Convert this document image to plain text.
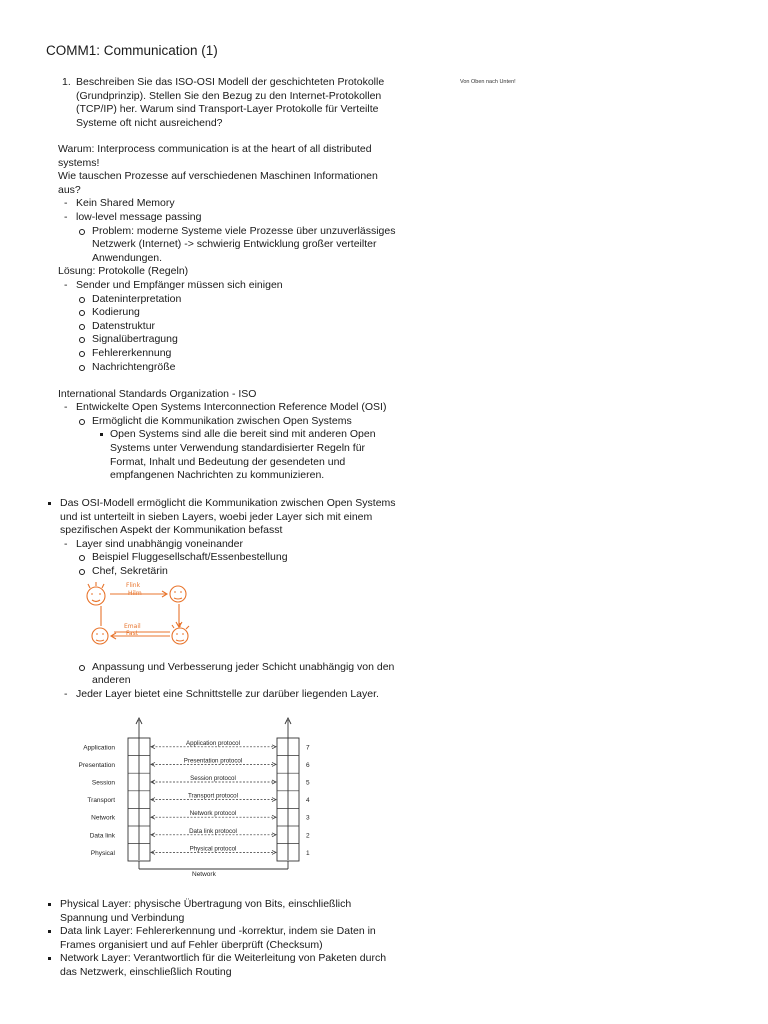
COMM1: Communication (1)
Von Oben nach Unten!
1. Beschreiben Sie das ISO-OSI Modell der geschichteten Protokolle (Grundprinzip). Stellen Sie den Bezug zu den Internet-Protokollen (TCP/IP) her. Warum sind Transport-Layer Protokolle für Verteilte Systeme oft nicht ausreichend?
Warum: Interprocess communication is at the heart of all distributed systems!
Wie tauschen Prozesse auf verschiedenen Maschinen Informationen aus?
- Kein Shared Memory
- low-level message passing
Problem: moderne Systeme viele Prozesse über unzuverlässiges Netzwerk (Internet) -> schwierig Entwicklung großer verteilter Anwendungen.
Lösung: Protokolle (Regeln)
- Sender und Empfänger müssen sich einigen
Dateninterpretation
Kodierung
Datenstruktur
Signalübertragung
Fehlererkennung
Nachrichtengröße
International Standards Organization - ISO
- Entwickelte Open Systems Interconnection Reference Model (OSI)
Ermöglicht die Kommunikation zwischen Open Systems
Open Systems sind alle die bereit sind mit anderen Open Systems unter Verwendung standardisierter Regeln für Format, Inhalt und Bedeutung der gesendeten und empfangenen Nachrichten zu kommunizieren.
Das OSI-Modell ermöglicht die Kommunikation zwischen Open Systems und ist unterteilt in sieben Layers, woebi jeder Layer sich mit einem spezifischen Aspekt der Kommunikation befasst
- Layer sind unabhängig voneinander
Beispiel Fluggesellschaft/Essenbestellung
Chef, Sekretärin
Anpassung und Verbesserung jeder Schicht unabhängig von den anderen
- Jeder Layer bietet eine Schnittstelle zur darüber liegenden Layer.
Flink
Hilm
Email
Fast
Application
Application protocol
7
Presentation
Presentation protocol
6
Session
Session protocol
5
Transport
Transport protocol
4
Network
Network protocol
3
Data link
Data link protocol
2
Physical
Physical protocol
1
Network
Physical Layer: physische Übertragung von Bits, einschließlich Spannung und Verbindung
Data link Layer: Fehlererkennung und -korrektur, indem sie Daten in Frames organisiert und auf Fehler überprüft (Checksum)
Network Layer: Verantwortlich für die Weiterleitung von Paketen durch das Netzwerk, einschließlich Routing
